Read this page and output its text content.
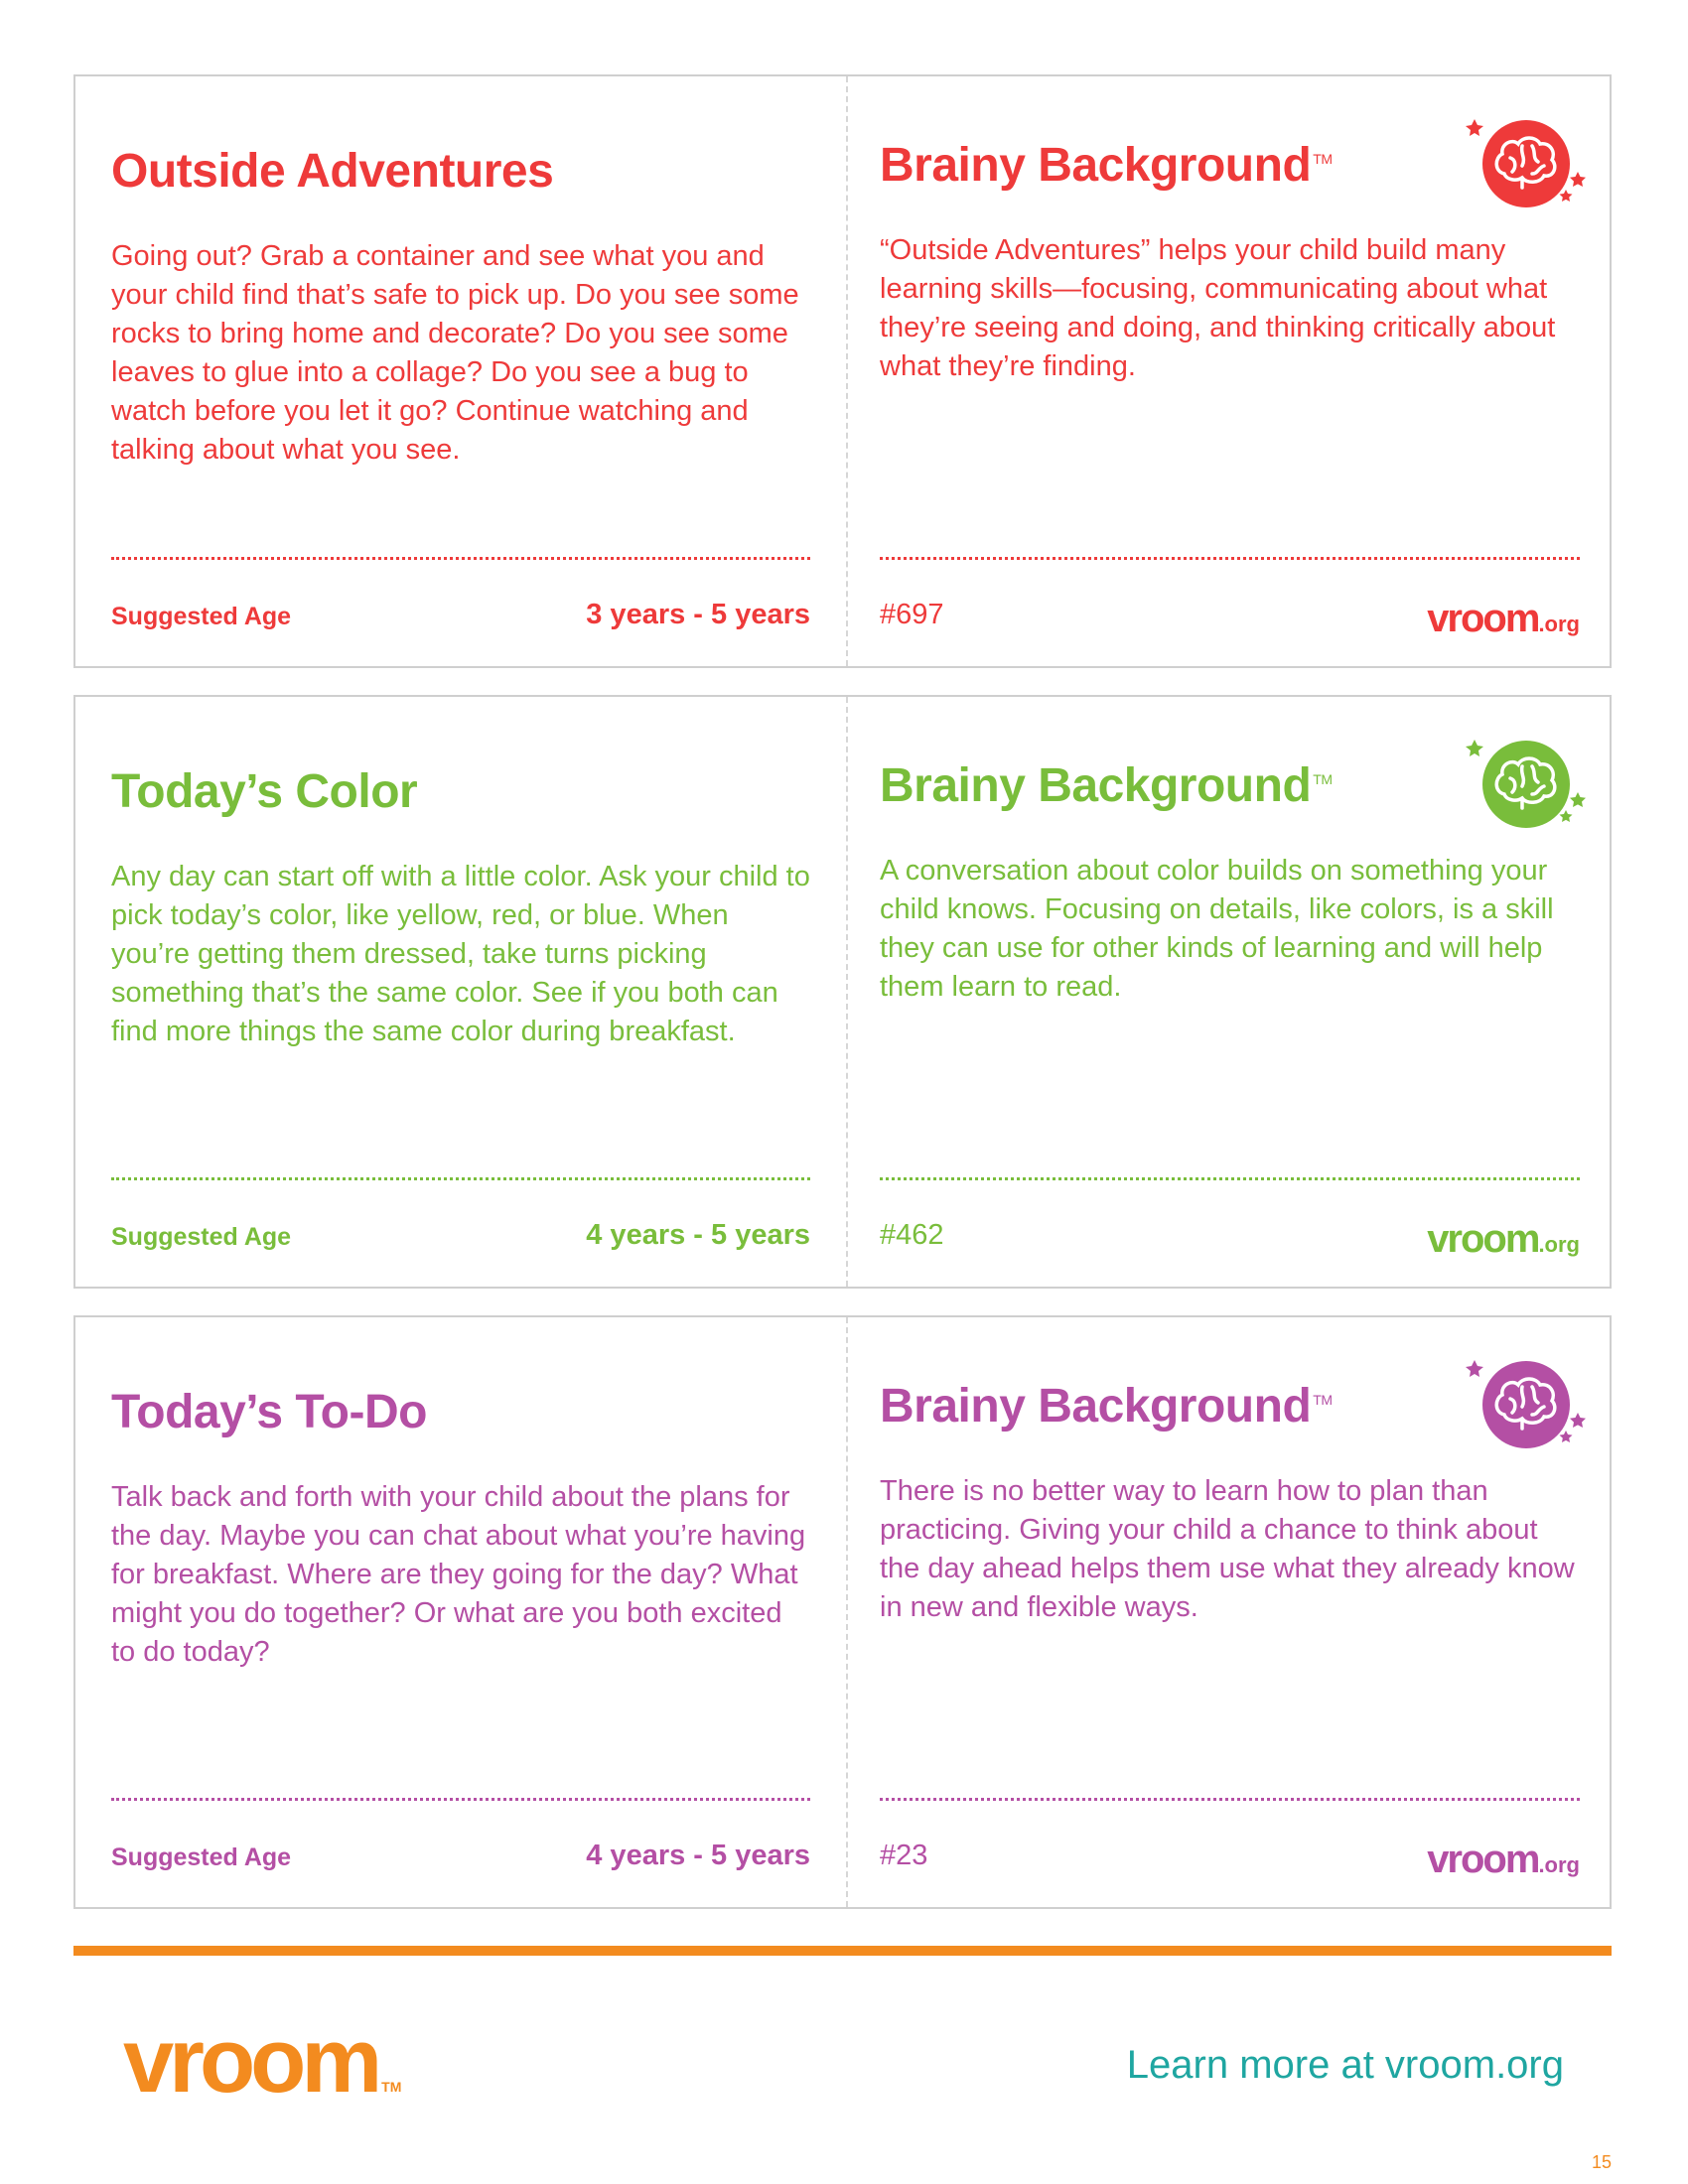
Outside Adventures
Going out? Grab a container and see what you and your child find that’s safe to pick up. Do you see some rocks to bring home and decorate? Do you see some leaves to glue into a collage? Do you see a bug to watch before you let it go? Continue watching and talking about what you see.
Suggested Age	3 years - 5 years
Brainy Background ™
“Outside Adventures” helps your child build many learning skills—focusing, communicating about what they’re seeing and doing, and thinking critically about what they’re finding.
#697	vroom.org
Today’s Color
Any day can start off with a little color. Ask your child to pick today’s color, like yellow, red, or blue. When you’re getting them dressed, take turns picking something that’s the same color. See if you both can find more things the same color during breakfast.
Suggested Age	4 years - 5 years
Brainy Background ™
A conversation about color builds on something your child knows. Focusing on details, like colors, is a skill they can use for other kinds of learning and will help them learn to read.
#462	vroom.org
Today’s To-Do
Talk back and forth with your child about the plans for the day. Maybe you can chat about what you’re having for breakfast. Where are they going for the day? What might you do together? Or what are you both excited to do today?
Suggested Age	4 years - 5 years
Brainy Background ™
There is no better way to learn how to plan than practicing. Giving your child a chance to think about the day ahead helps them use what they already know in new and flexible ways.
#23	vroom.org
vroom TM	Learn more at vroom.org
15
